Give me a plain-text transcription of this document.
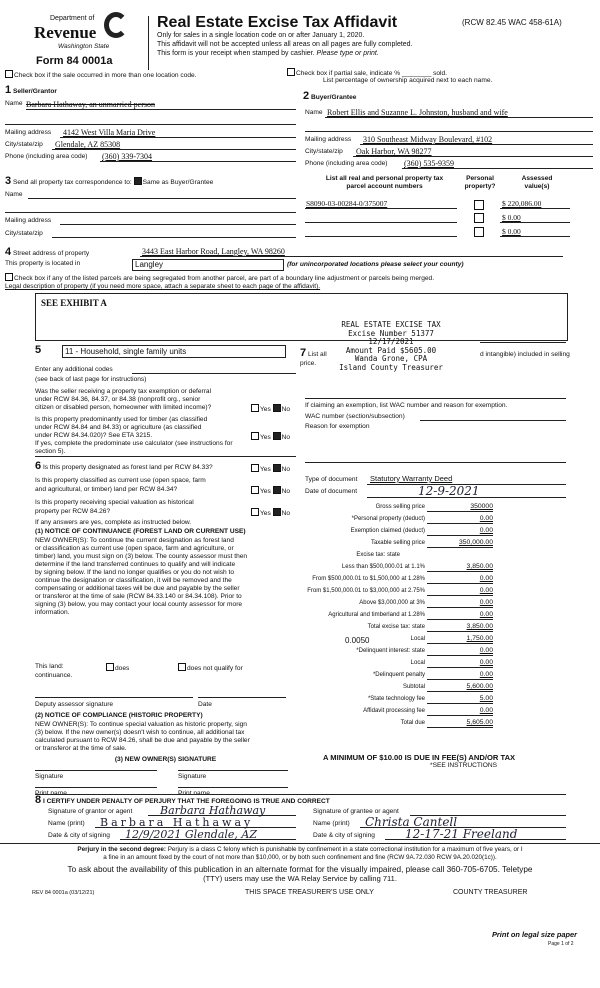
Department of
Revenue
Washington State
Form 84 0001a
Real Estate Excise Tax Affidavit	(RCW 82.45 WAC 458-61A)
Only for sales in a single location code on or after January 1, 2020.
This affidavit will not be accepted unless all areas on all pages are fully completed.
This form is your receipt when stamped by cashier. Please type or print.
Check box if the sale occurred in more than one location code.	Check box if partial sale, indicate % ________ sold.
List percentage of ownership acquired next to each name.
1 Seller/Grantor
Name Barbara Hathaway, an unmarried person
Mailing address 4142 West Villa Maria Drive
City/state/zip Glendale, AZ 85308
Phone (including area code) (360) 339-7304
2 Buyer/Grantee
Name Robert Ellis and Suzanne L. Johnston, husband and wife
Mailing address 310 Southeast Midway Boulevard, #102
City/state/zip Oak Harbor, WA 98277
Phone (including area code) (360) 535-9359
3 Send all property tax correspondence to: Same as Buyer/Grantee
Name
Mailing address
City/state/zip
List all real and personal property tax
parcel account numbers
Personal
property?
Assessed
value(s)
S8090-03-00284-0/375007	$ 220,086.00
$ 0.00
$ 0.00
4 Street address of property	3443 East Harbor Road, Langley, WA 98260
This property is located in	Langley	(for unincorporated locations please select your county)
Check box if any of the listed parcels are being segregated from another parcel, are part of a boundary line adjustment or parcels being merged.
Legal description of property (if you need more space, attach a separate sheet to each page of the affidavit).
SEE EXHIBIT A
REAL ESTATE EXCISE TAX
Excise Number 51377
12/17/2021
Amount Paid $5605.00
Wanda Grone, CPA
Island County Treasurer
5	11 - Household, single family units
Enter any additional codes
(see back of last page for instructions)
Was the seller receiving a property tax exemption or deferral
under RCW 84.36, 84.37, or 84.38 (nonprofit org., senior
citizen or disabled person, homeowner with limited income)?	Yes No
Is this property predominantly used for timber (as classified
under RCW 84.84 and 84.33) or agriculture (as classified
under RCW 84.34.020)? See ETA 3215.	Yes No
If yes, complete the predominate use calculator (see instructions for
section 5).
7 List all	d intangible) included in selling
price.
If claiming an exemption, list WAC number and reason for exemption.
WAC number (section/subsection)
Reason for exemption
Type of document Statutory Warranty Deed
Date of document	12-9-2021
6 Is this property designated as forest land per RCW 84.33?	Yes No
Is this property classified as current use (open space, farm
and agricultural, or timber) land per RCW 84.34?	Yes No
Is this property receiving special valuation as historical
property per RCW 84.26?	Yes No
If any answers are yes, complete as instructed below.
(1) NOTICE OF CONTINUANCE (FOREST LAND OR CURRENT USE)
NEW OWNER(S): To continue the current designation as forest land
or classification as current use (open space, farm and agriculture, or
timber) land, you must sign on (3) below. The county assessor must then
determine if the land transferred continues to qualify and will indicate
by signing below. If the land no longer qualifies or you do not wish to
continue the designation or classification, it will be removed and the
compensating or additional taxes will be due and payable by the seller
or transferor at the time of sale (RCW 84.33.140 or 84.34.108). Prior to
signing (3) below, you may contact your local county assessor for more
information.
This land:	does	does not qualify for
continuance.
Deputy assessor signature	Date
(2) NOTICE OF COMPLIANCE (HISTORIC PROPERTY)
NEW OWNER(S): To continue special valuation as historic property, sign
(3) below. If the new owner(s) doesn't wish to continue, all additional tax
calculated pursuant to RCW 84.26, shall be due and payable by the seller
or transferor at the time of sale.
(3) NEW OWNER(S) SIGNATURE
Signature	Signature
Print name	Print name
Gross selling price	350000
*Personal property (deduct)	0.00
Exemption claimed (deduct)	0.00
Taxable selling price	350,000.00
Excise tax: state
Less than $500,000.01 at 1.1%	3,850.00
From $500,000.01 to $1,500,000 at 1.28%	0.00
From $1,500,000.01 to $3,000,000 at 2.75%	0.00
Above $3,000,000 at 3%	0.00
Agricultural and timberland at 1.28%	0.00
Total excise tax: state	3,850.00
Local	1,750.00
*Delinquent interest: state	0.00
Local	0.00
*Delinquent penalty	0.00
Subtotal	5,600.00
*State technology fee	5.00
Affidavit processing fee	0.00
Total due	5,605.00
0.0050
A MINIMUM OF $10.00 IS DUE IN FEE(S) AND/OR TAX
*SEE INSTRUCTIONS
8 I CERTIFY UNDER PENALTY OF PERJURY THAT THE FOREGOING IS TRUE AND CORRECT
Signature of grantor or agent	Barbara Hathaway
Name (print) Barbara Hathaway
Date & city of signing 12/9/2021 Glendale, AZ
Signature of grantee or agent
Name (print) Christa Cantell
Date & city of signing	12-17-21 Freeland
Perjury in the second degree: Perjury is a class C felony which is punishable by confinement in a state correctional institution for a maximum of five years, or I
a fine in an amount fixed by the court of not more than $10,000, or by both such confinement and fine (RCW 9A.72.030 RCW 9A.20.020(1c)).
To ask about the availability of this publication in an alternate format for the visually impaired, please call 360-705-6705. Teletype
(TTY) users may use the WA Relay Service by calling 711.
REV 84 0001a (03/12/21)	THIS SPACE TREASURER'S USE ONLY	COUNTY TREASURER
Print on legal size paper
Page 1 of 2
